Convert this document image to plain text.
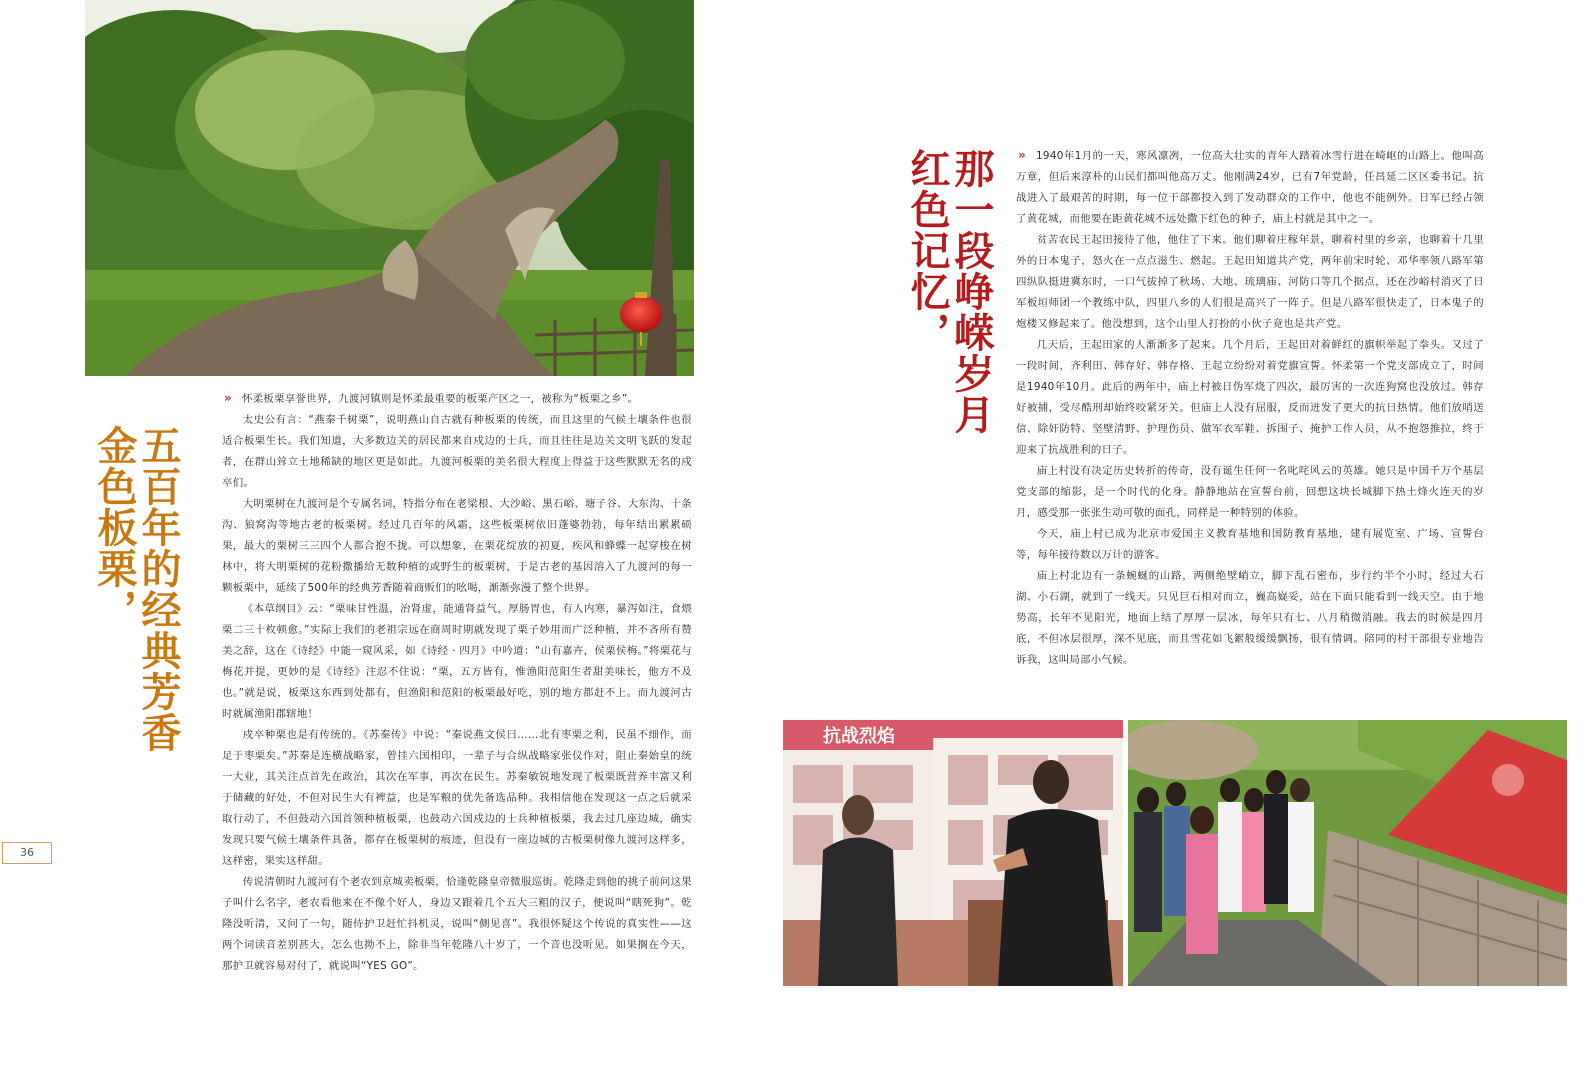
五百年的经典芳香
金色板栗，

» 怀柔板栗享誉世界，九渡河镇则是怀柔最重要的板栗产区之一，被称为“板栗之乡”。

太史公有言：“燕秦千树栗”，说明燕山自古就有种板栗的传统，而且这里的气候土壤条件也很适合板栗生长。我们知道，大多数边关的居民都来自戍边的士兵，而且往往是边关文明飞跃的发起者，在群山耸立土地稀缺的地区更是如此。九渡河板栗的美名很大程度上得益于这些默默无名的戍卒们。

大明栗树在九渡河是个专属名词，特指分布在老梁根、大沙峪、黑石峪、塘子谷、大东沟、十条沟、狼窝沟等地古老的板栗树。经过几百年的风霜，这些板栗树依旧蓬婆勃勃，每年结出累累硕果，最大的栗树三三四个人都合抱不拢。可以想象，在栗花绽放的初夏，疾风和蜂蝶一起穿梭在树林中，将大明栗树的花粉撒播给无数种植的或野生的板栗树，于是古老的基因溶入了九渡河的每一颗板栗中，延续了500年的经典芳香随着商贩们的吆喝，渐渐弥漫了整个世界。

《本草纲目》云：“栗味甘性温，治肾虚，能通肾益气，厚肠胃也，有人内寒，暴泻如注，食煨栗二三十枚顿愈。”实际上我们的老祖宗远在商周时期就发现了栗子妙用而广泛种植，并不吝所有赞美之辞，这在《诗经》中能一窥风采，如《诗经 · 四月》中吟道：“山有嘉卉，侯栗侯梅。”将栗花与梅花并提，更妙的是《诗经》注忍不住说：“栗，五方皆有，惟渔阳范阳生者甜美味长，他方不及也。”就是说，板栗这东西到处都有，但渔阳和范阳的板栗最好吃，别的地方都赶不上。而九渡河古时就属渔阳郡辖地！

戍卒种栗也是有传统的。《苏秦传》中说：“秦说燕文侯曰……北有枣栗之利，民虽不细作，而足于枣栗矣。”苏秦是连横战略家，曾挂六国相印，一辈子与合纵战略家张仪作对，阻止秦始皇的统一大业，其关注点首先在政治，其次在军事，再次在民生。苏秦敏锐地发现了板栗既营养丰富又利于储藏的好处，不但对民生大有裨益，也是军粮的优先备选品种。我相信他在发现这一点之后就采取行动了，不但鼓动六国首领种植板栗，也鼓动六国戍边的士兵种植板栗，我去过几座边城，确实发现只要气候土壤条件具备，都存在板栗树的痕迹，但没有一座边城的古板栗树像九渡河这样多，这样密，果实这样甜。

传说清朝时九渡河有个老农到京城卖板栗，恰逢乾隆皇帝微服巡街。乾隆走到他的挑子前问这果子叫什么名字，老农看他来在不像个好人，身边又跟着几个五大三粗的汉子，便说叫“瞎死狗”。乾隆没听清，又问了一句，随侍护卫赶忙抖机灵，说叫“侧见喜”。我很怀疑这个传说的真实性——这两个词读音差别甚大，怎么也拗不上，除非当年乾隆八十岁了，一个音也没听见。如果搁在今天，那护卫就容易对付了，就说叫“YES GO”。

36
那一段峥嵘岁月
红色记忆，	» 1940年1月的一天，寒风凛冽，一位高大壮实的青年人踏着冰雪行进在崎岖的山路上。他叫高万章，但后来淳朴的山民们都叫他高万丈。他刚满24岁，已有7年党龄，任昌延二区区委书记。抗战进入了最艰苦的时期，每一位干部都投入到了发动群众的工作中，他也不能例外。日军已经占领了黄花城，而他要在距黄花城不远处撒下红色的种子，庙上村就是其中之一。

贫苦农民王起田接待了他，他住了下来。他们聊着庄稼年景，聊着村里的乡亲，也聊着十几里外的日本鬼子，怒火在一点点滋生、燃起。王起田知道共产党，两年前宋时轮、邓华率领八路军第四纵队挺进冀东时，一口气拔掉了秋场、大地、琉璃庙、河防口等几个据点，还在沙峪村消灭了日军板垣师团一个教练中队，四里八乡的人们很是高兴了一阵子。但是八路军很快走了，日本鬼子的炮楼又修起来了。他没想到，这个山里人打扮的小伙子竟也是共产党。

几天后，王起田家的人渐渐多了起来。几个月后，王起田对着鲜红的旗帜举起了拳头。又过了一段时间，齐利田、韩存好、韩存格、王起立纷纷对着党旗宣誓。怀柔第一个党支部成立了，时间是1940年10月。此后的两年中，庙上村被日伪军烧了四次，最厉害的一次连狗窝也没放过。韩存好被捕，受尽酷刑却始终咬紧牙关。但庙上人没有屈服，反而迸发了更大的抗日热情。他们放哨送信、除奸防特、坚壁清野、护理伤员、做军衣军鞋、拆围子、掩护工作人员，从不抱怨推拉，终于迎来了抗战胜利的日子。

庙上村没有决定历史转折的传奇，没有诞生任何一名叱咤风云的英雄。她只是中国千万个基层党支部的缩影，是一个时代的化身。静静地站在宣誓台前，回想这块长城脚下热土烽火连天的岁月，感受那一张张生动可敬的面孔，同样是一种特别的体验。

今天，庙上村已成为北京市爱国主义教育基地和国防教育基地，建有展览室、广场、宣誓台等，每年接待数以万计的游客。

庙上村北边有一条蜿蜒的山路，两侧绝壁峭立，脚下乱石密布，步行约半个小时，经过大石湖、小石湖，就到了一线天。只见巨石相对而立，巍高嶷妥，站在下面只能看到一线天空。由于地势高，长年不见阳光，地面上结了厚厚一层冰，每年只有七、八月稍微消融。我去的时候是四月底，不但冰层很厚，深不见底，而且雪花如飞絮般缓缓飘扬，很有情调。陪同的村干部很专业地告诉我，这叫局部小气候。

抗战烈焰
